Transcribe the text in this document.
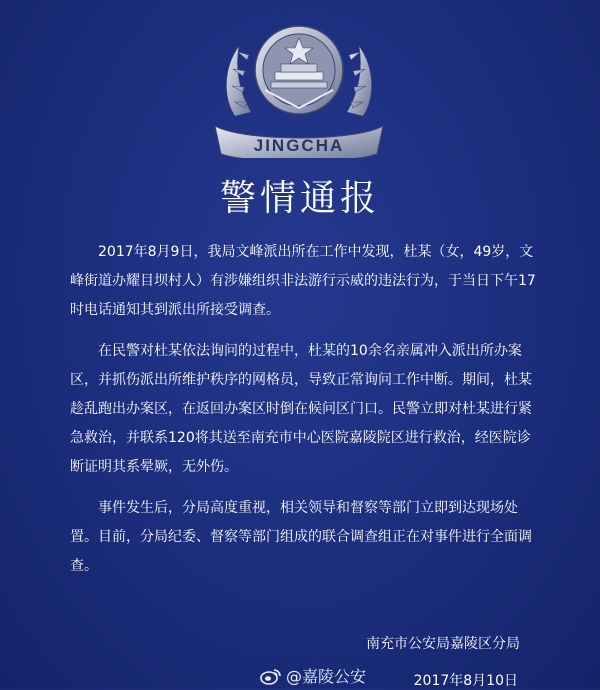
JINGCHA
警情通报

2017年8月9日，我局文峰派出所在工作中发现，杜某（女，49岁，文峰街道办耀目坝村人）有涉嫌组织非法游行示威的违法行为，于当日下午17时电话通知其到派出所接受调查。

在民警对杜某依法询问的过程中，杜某的10余名亲属冲入派出所办案区，并抓伤派出所维护秩序的网格员，导致正常询问工作中断。期间，杜某趁乱跑出办案区，在返回办案区时倒在候问区门口。民警立即对杜某进行紧急救治，并联系120将其送至南充市中心医院嘉陵院区进行救治，经医院诊断证明其系晕厥，无外伤。

事件发生后，分局高度重视，相关领导和督察等部门立即到达现场处置。目前，分局纪委、督察等部门组成的联合调查组正在对事件进行全面调查。

南充市公安局嘉陵区分局
@嘉陵公安	2017年8月10日
